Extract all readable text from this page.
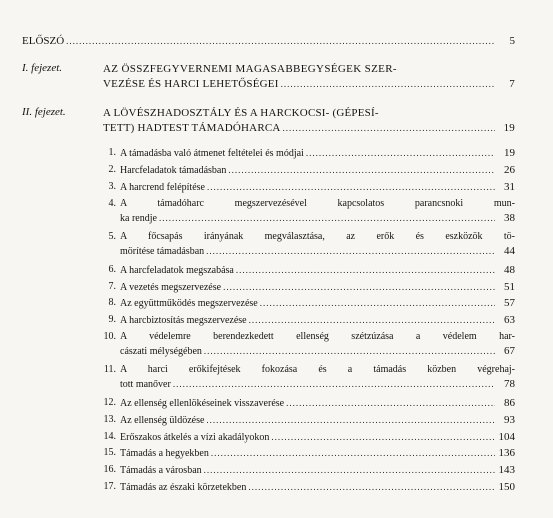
ELŐSZÓ .....	5
I. fejezet.	AZ ÖSSZFEGYVERNEMI MAGASABBEGYSÉGEK SZER-
VEZÉSE ÉS HARCI LEHETŐSÉGEI .....	7
II. fejezet.	A LÖVÉSZHADOSZTÁLY ÉS A HARCKOCSI- (GÉPESÍ-
TETT) HADTEST TÁMADÓHARCA .....	19
1. A támadásba való átmenet feltételei és módjai .....	19
2. Harcfeladatok támadásban .....	26
3. A harcrend felépítése .....	31
4. A támadóharc megszervezésével kapcsolatos parancsnoki mun-
ka rendje .....	38
5. A főcsapás irányának megválasztása, az erők és eszközök tö-
mörítése támadásban .....	44
6. A harcfeladatok megszabása .....	48
7. A vezetés megszervezése .....	51
8. Az együttműködés megszervezése .....	57
9. A harcbiztosítás megszervezése .....	63
10. A védelemre berendezkedett ellenség szétzúzása a védelem har-
cászati mélységében .....	67
11. A harci erőkifejtések fokozása és a támadás közben végrehaj-
tott manőver .....	78
12. Az ellenség ellenlökéseinek visszaverése .....	86
13. Az ellenség üldözése .....	93
14. Erőszakos átkelés a vízi akadályokon .....	104
15. Támadás a hegyekben .....	136
16. Támadás a városban .....	143
17. Támadás az északi körzetekben .....	150
